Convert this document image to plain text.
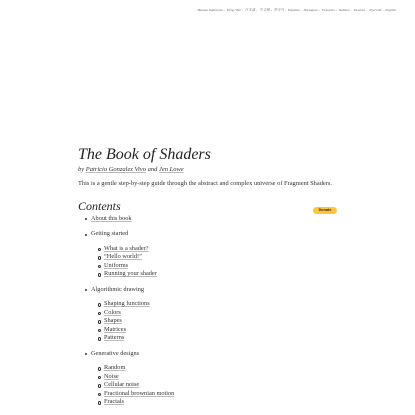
Bahasa Indonesia- Tiếng Việt- 日本語- 中文版- 한국어- Español- Portugues- Français- Italiano- Deutsch- Русский- English
The Book of Shaders

by Patricio Gonzalez Vivo and Jen Lowe

This is a gentle step-by-step guide through the abstract and complex universe of Fragment Shaders.

Contents	Donate
About this book
Getting started
What is a shader?
“Hello world!”
Uniforms
Running your shader
Algorithmic drawing
Shaping functions
Colors
Shapes
Matrices
Patterns
Generative designs
Random
Noise
Cellular noise
Fractional brownian motion
Fractals
